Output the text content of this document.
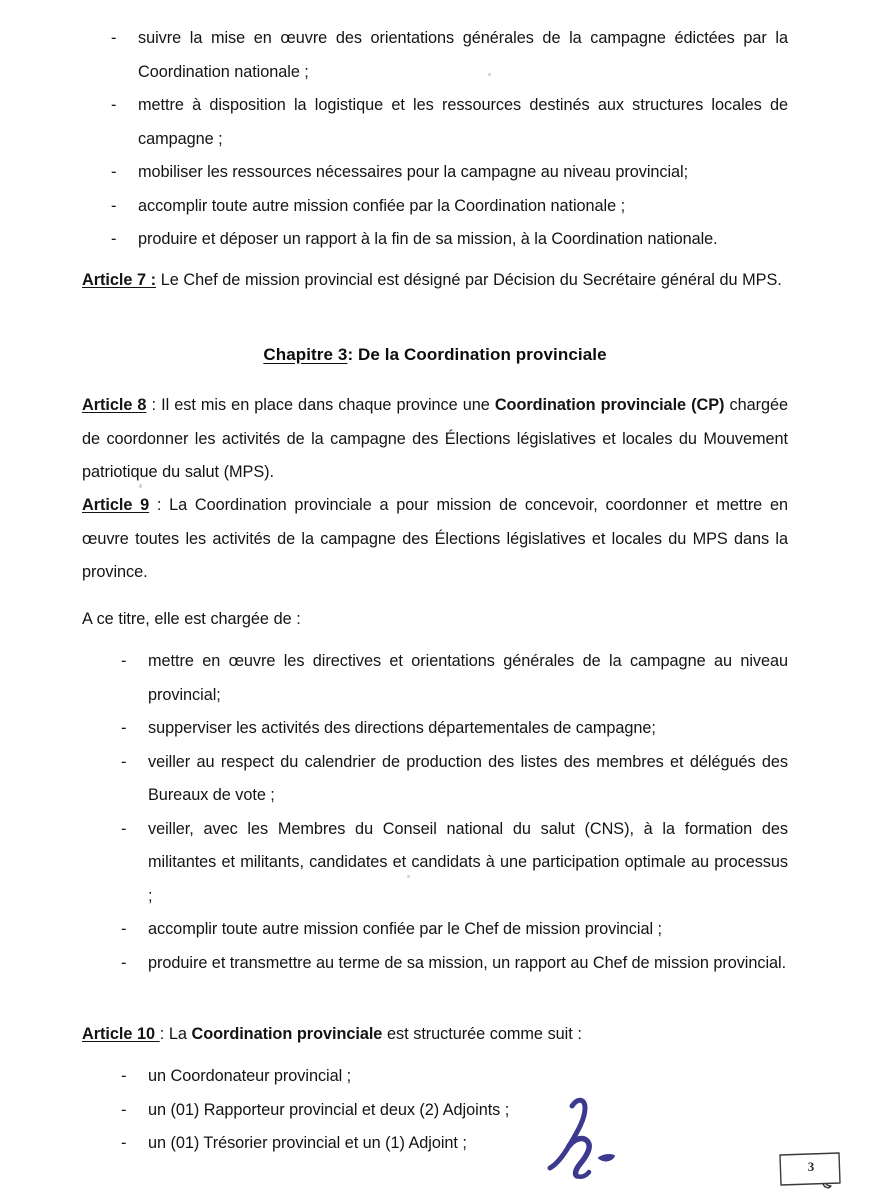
- suivre la mise en œuvre des orientations générales de la campagne édictées par la Coordination nationale ;
- mettre à disposition la logistique et les ressources destinés aux structures locales de campagne ;
- mobiliser les ressources nécessaires pour la campagne au niveau provincial;
- accomplir toute autre mission confiée par la Coordination nationale ;
- produire et déposer un rapport à la fin de sa mission, à la Coordination nationale.

Article 7 : Le Chef de mission provincial est désigné par Décision du Secrétaire général du MPS.

Chapitre 3: De la Coordination provinciale

Article 8 : Il est mis en place dans chaque province une Coordination provinciale (CP) chargée de coordonner les activités de la campagne des Élections législatives et locales du Mouvement patriotique du salut (MPS).

Article 9 : La Coordination provinciale a pour mission de concevoir, coordonner et mettre en œuvre toutes les activités de la campagne des Élections législatives et locales du MPS dans la province.

A ce titre, elle est chargée de :

- mettre en œuvre les directives et orientations générales de la campagne au niveau provincial;
- supperviser les activités des directions départementales de campagne;
- veiller au respect du calendrier de production des listes des membres et délégués des Bureaux de vote ;
- veiller, avec les Membres du Conseil national du salut (CNS), à la formation des militantes et militants, candidates et candidats à une participation optimale au processus ;
- accomplir toute autre mission confiée par le Chef de mission provincial ;
- produire et transmettre au terme de sa mission, un rapport au Chef de mission provincial.

Article 10 : La Coordination provinciale est structurée comme suit :

- un Coordonateur provincial ;
- un (01) Rapporteur provincial et deux (2) Adjoints ;
- un (01) Trésorier provincial et un (1) Adjoint ;
3
